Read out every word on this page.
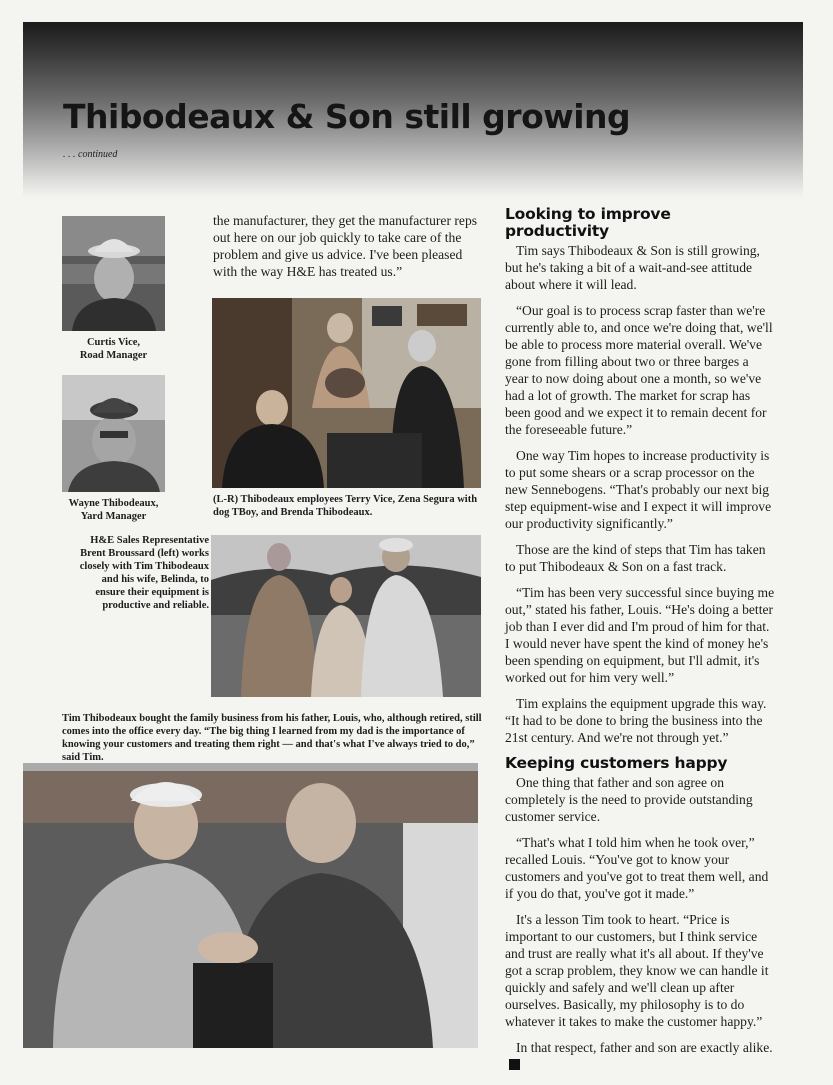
Thibodeaux & Son still growing
. . . continued
Curtis Vice,
Road Manager
Wayne Thibodeaux,
Yard Manager
H&E Sales Representative
Brent Broussard (left) works
closely with Tim Thibodeaux
and his wife, Belinda, to
ensure their equipment is
productive and reliable.

the manufacturer, they get the manufacturer reps out here on our job quickly to take care of the problem and give us advice. I've been pleased with the way H&E has treated us.”

(L-R) Thibodeaux employees Terry Vice, Zena Segura with dog TBoy, and Brenda Thibodeaux.
Tim Thibodeaux bought the family business from his father, Louis, who, although retired, still comes into the office every day. “The big thing I learned from my dad is the importance of knowing your customers and treating them right — and that's what I've always tried to do,” said Tim.
Looking to improve productivity

Tim says Thibodeaux & Son is still growing, but he's taking a bit of a wait-and-see attitude about where it will lead.

“Our goal is to process scrap faster than we're currently able to, and once we're doing that, we'll be able to process more material overall. We've gone from filling about two or three barges a year to now doing about one a month, so we've had a lot of growth. The market for scrap has been good and we expect it to remain decent for the foreseeable future.”

One way Tim hopes to increase productivity is to put some shears or a scrap processor on the new Sennebogens. “That's probably our next big step equipment-wise and I expect it will improve our productivity significantly.”

Those are the kind of steps that Tim has taken to put Thibodeaux & Son on a fast track.

“Tim has been very successful since buying me out,” stated his father, Louis. “He's doing a better job than I ever did and I'm proud of him for that. I would never have spent the kind of money he's been spending on equipment, but I'll admit, it's worked out for him very well.”

Tim explains the equipment upgrade this way. “It had to be done to bring the business into the 21st century. And we're not through yet.”

Keeping customers happy

One thing that father and son agree on completely is the need to provide outstanding customer service.

“That's what I told him when he took over,” recalled Louis. “You've got to know your customers and you've got to treat them well, and if you do that, you've got it made.”

It's a lesson Tim took to heart. “Price is important to our customers, but I think service and trust are really what it's all about. If they've got a scrap problem, they know we can handle it quickly and safely and we'll clean up after ourselves. Basically, my philosophy is to do whatever it takes to make the customer happy.”

In that respect, father and son are exactly alike.
